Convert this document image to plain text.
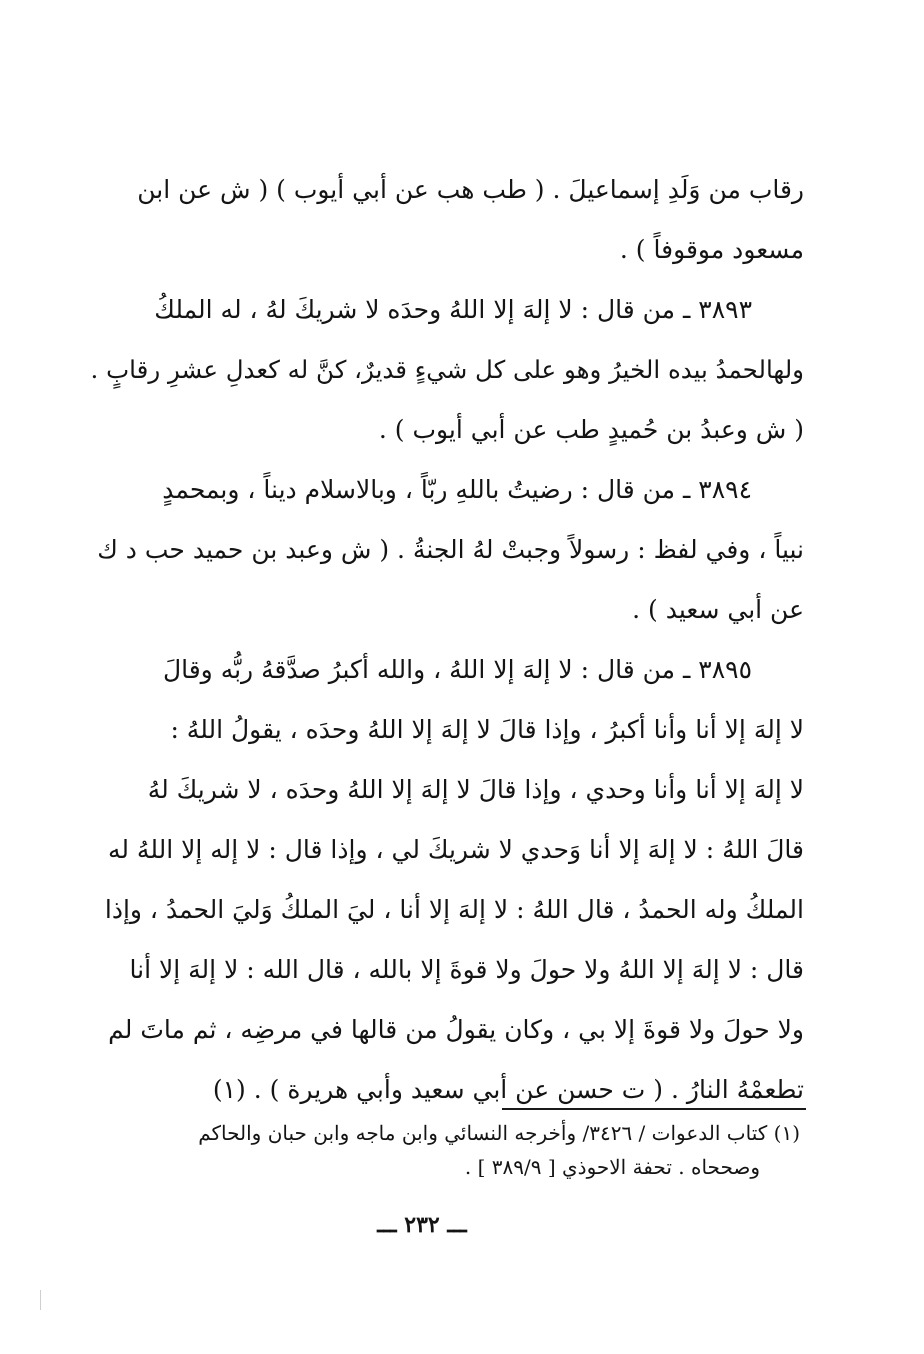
رقاب من وَلَدِ إسماعيلَ . ( طب هب عن أبي أيوب ) ( ش عن ابن
مسعود موقوفاً ) .
٣٨٩٣ ـ من قال : لا إلهَ إلا اللهُ وحدَه لا شريكَ لهُ ، له الملكُ
ولهالحمدُ بيده الخيرُ وهو على كل شيءٍ قديرٌ، كنَّ له كعدلِ عشرِ رقابٍ .
( ش وعبدُ بن حُميدٍ طب عن أبي أيوب ) .
٣٨٩٤ ـ من قال : رضيتُ باللهِ ربّاً ، وبالاسلام ديناً ، وبمحمدٍ
نبياً ، وفي لفظ : رسولاً وجبتْ لهُ الجنةُ . ( ش وعبد بن حميد حب د ك
عن أبي سعيد ) .
٣٨٩٥ ـ من قال : لا إلهَ إلا اللهُ ، والله أكبرُ صدَّقهُ ربُّه وقالَ
لا إلهَ إلا أنا وأنا أكبرُ ، وإذا قالَ لا إلهَ إلا اللهُ وحدَه ، يقولُ اللهُ :
لا إلهَ إلا أنا وأنا وحدي ، وإذا قالَ لا إلهَ إلا اللهُ وحدَه ، لا شريكَ لهُ
قالَ اللهُ : لا إلهَ إلا أنا وَحدي لا شريكَ لي ، وإذا قال : لا إله إلا اللهُ له
الملكُ وله الحمدُ ، قال اللهُ : لا إلهَ إلا أنا ، ليَ الملكُ وَليَ الحمدُ ، وإذا
قال : لا إلهَ إلا اللهُ ولا حولَ ولا قوةَ إلا بالله ، قال الله : لا إلهَ إلا أنا
ولا حولَ ولا قوةَ إلا بي ، وكان يقولُ من قالها في مرضِه ، ثم ماتَ لم
تطعمْهُ النارُ . ( ت حسن عن أبي سعيد وأبي هريرة ) . (١)
(١) كتاب الدعوات / ٣٤٢٦/ وأخرجه النسائي وابن ماجه وابن حبان والحاكم
وصححاه . تحفة الاحوذي [ ٣٨٩/٩ ] .
ـــ ٢٣٢ ـــ
